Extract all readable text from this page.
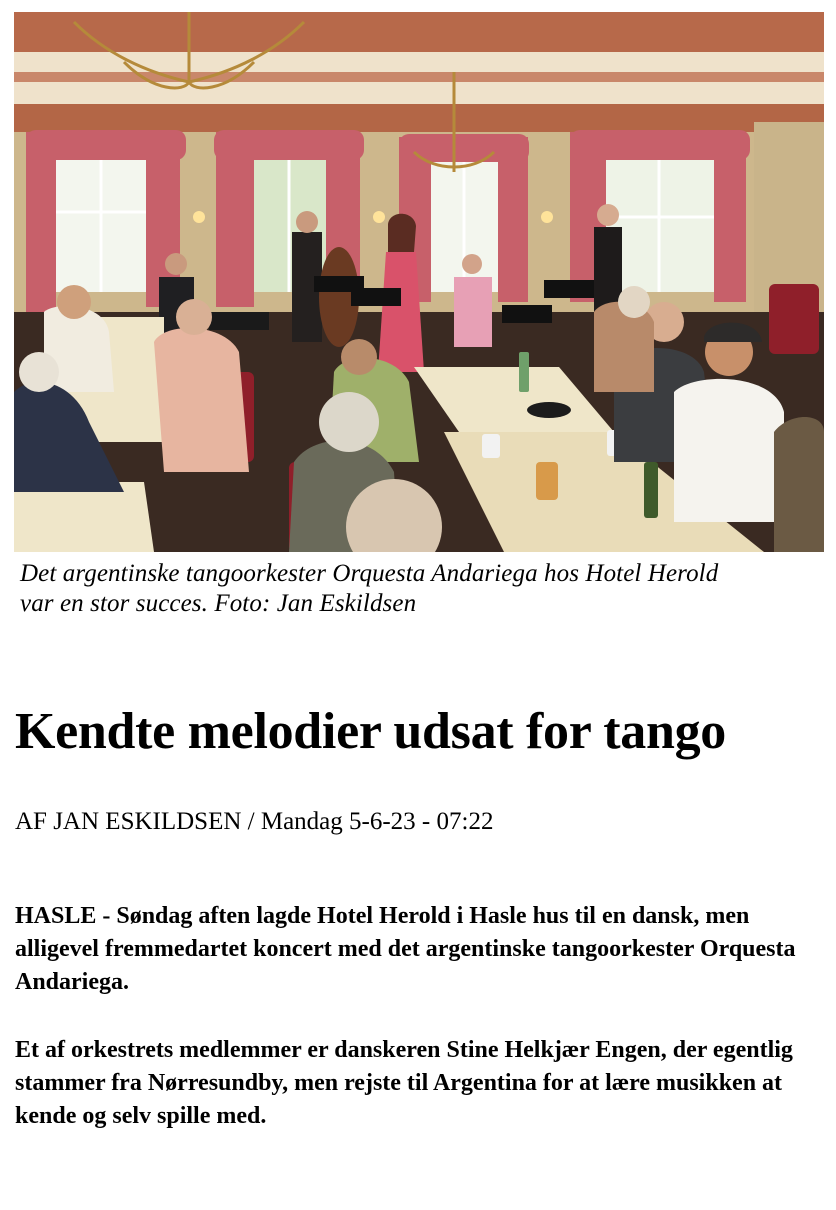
Det argentinske tangoorkester Orquesta Andariega hos Hotel Herold
var en stor succes. Foto: Jan Eskildsen
Kendte melodier udsat for tango
AF JAN ESKILDSEN / Mandag 5-6-23 - 07:22

HASLE - Søndag aften lagde Hotel Herold i Hasle hus til en dansk, men alligevel fremmedartet koncert med det argentinske tangoorkester Orquesta Andariega.

Et af orkestrets medlemmer er danskeren Stine Helkjær Engen, der egentlig stammer fra Nørresundby, men rejste til Argentina for at lære musikken at kende og selv spille med.
